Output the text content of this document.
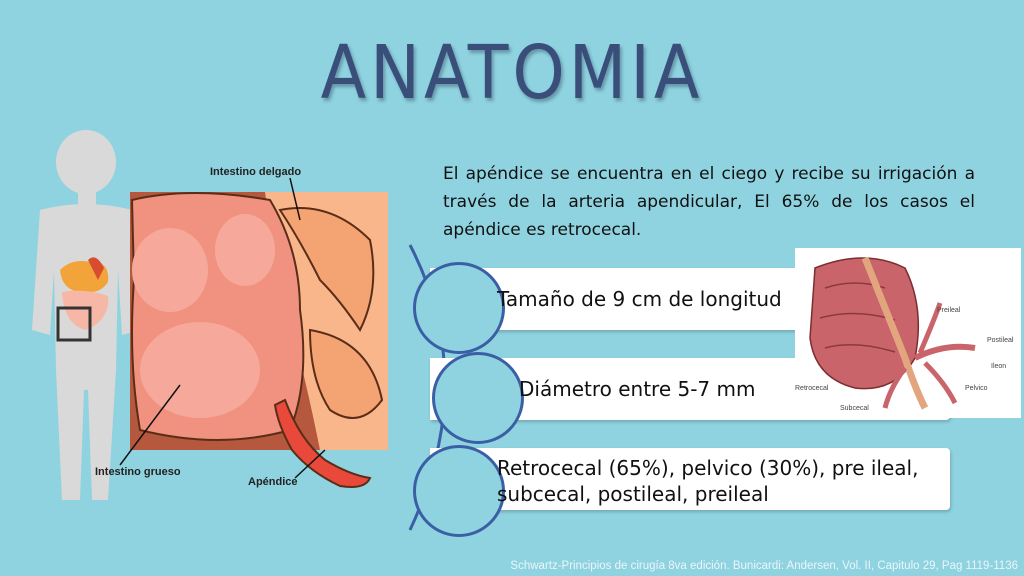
ANATOMIA
Intestino delgado
Intestino grueso
Apéndice
El apéndice se encuentra en el ciego y recibe su irrigación a través de la arteria apendicular, El 65% de los casos el apéndice es retrocecal.
Tamaño de 9 cm de longitud
Diámetro entre 5-7 mm
Retrocecal (65%), pelvico (30%), pre ileal, subcecal, postileal, preileal
Preileal
Postileal
Ileon
Retrocecal	Pelvico
Subcecal
Schwartz-Principios de cirugía 8va edición. Bunicardi: Andersen, Vol. II, Capitulo 29, Pag 1119-1136
